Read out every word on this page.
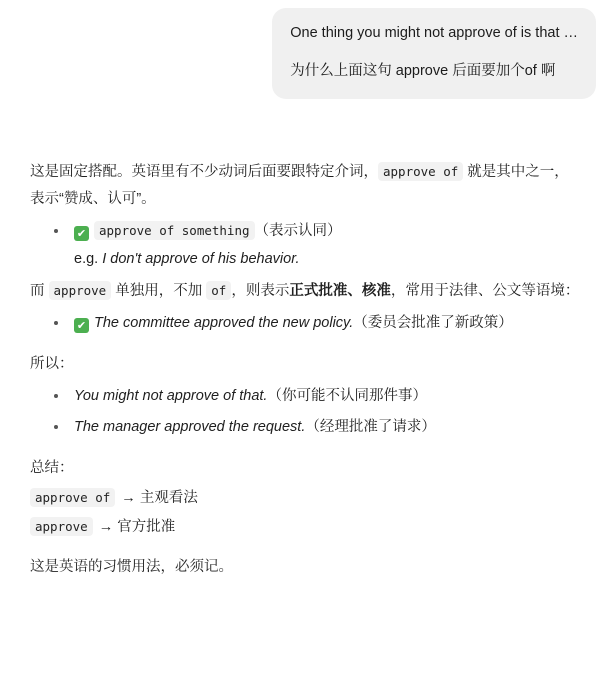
One thing you might not approve of is that …
为什么上面这句 approve 后面要加个of 啊

这是固定搭配。英语里有不少动词后面要跟特定介词， approve of 就是其中之一，表示“赞成、认可”。

✔ approve of something （表示认同）
e.g. I don't approve of his behavior.

而 approve 单独用，不加 of ，则表示正式批准、核准，常用于法律、公文等语境：

✔ The committee approved the new policy.（委员会批准了新政策）

所以：

You might not approve of that.（你可能不认同那件事）
The manager approved the request.（经理批准了请求）

总结：

approve of → 主观看法

approve → 官方批准

这是英语的习惯用法，必须记。
